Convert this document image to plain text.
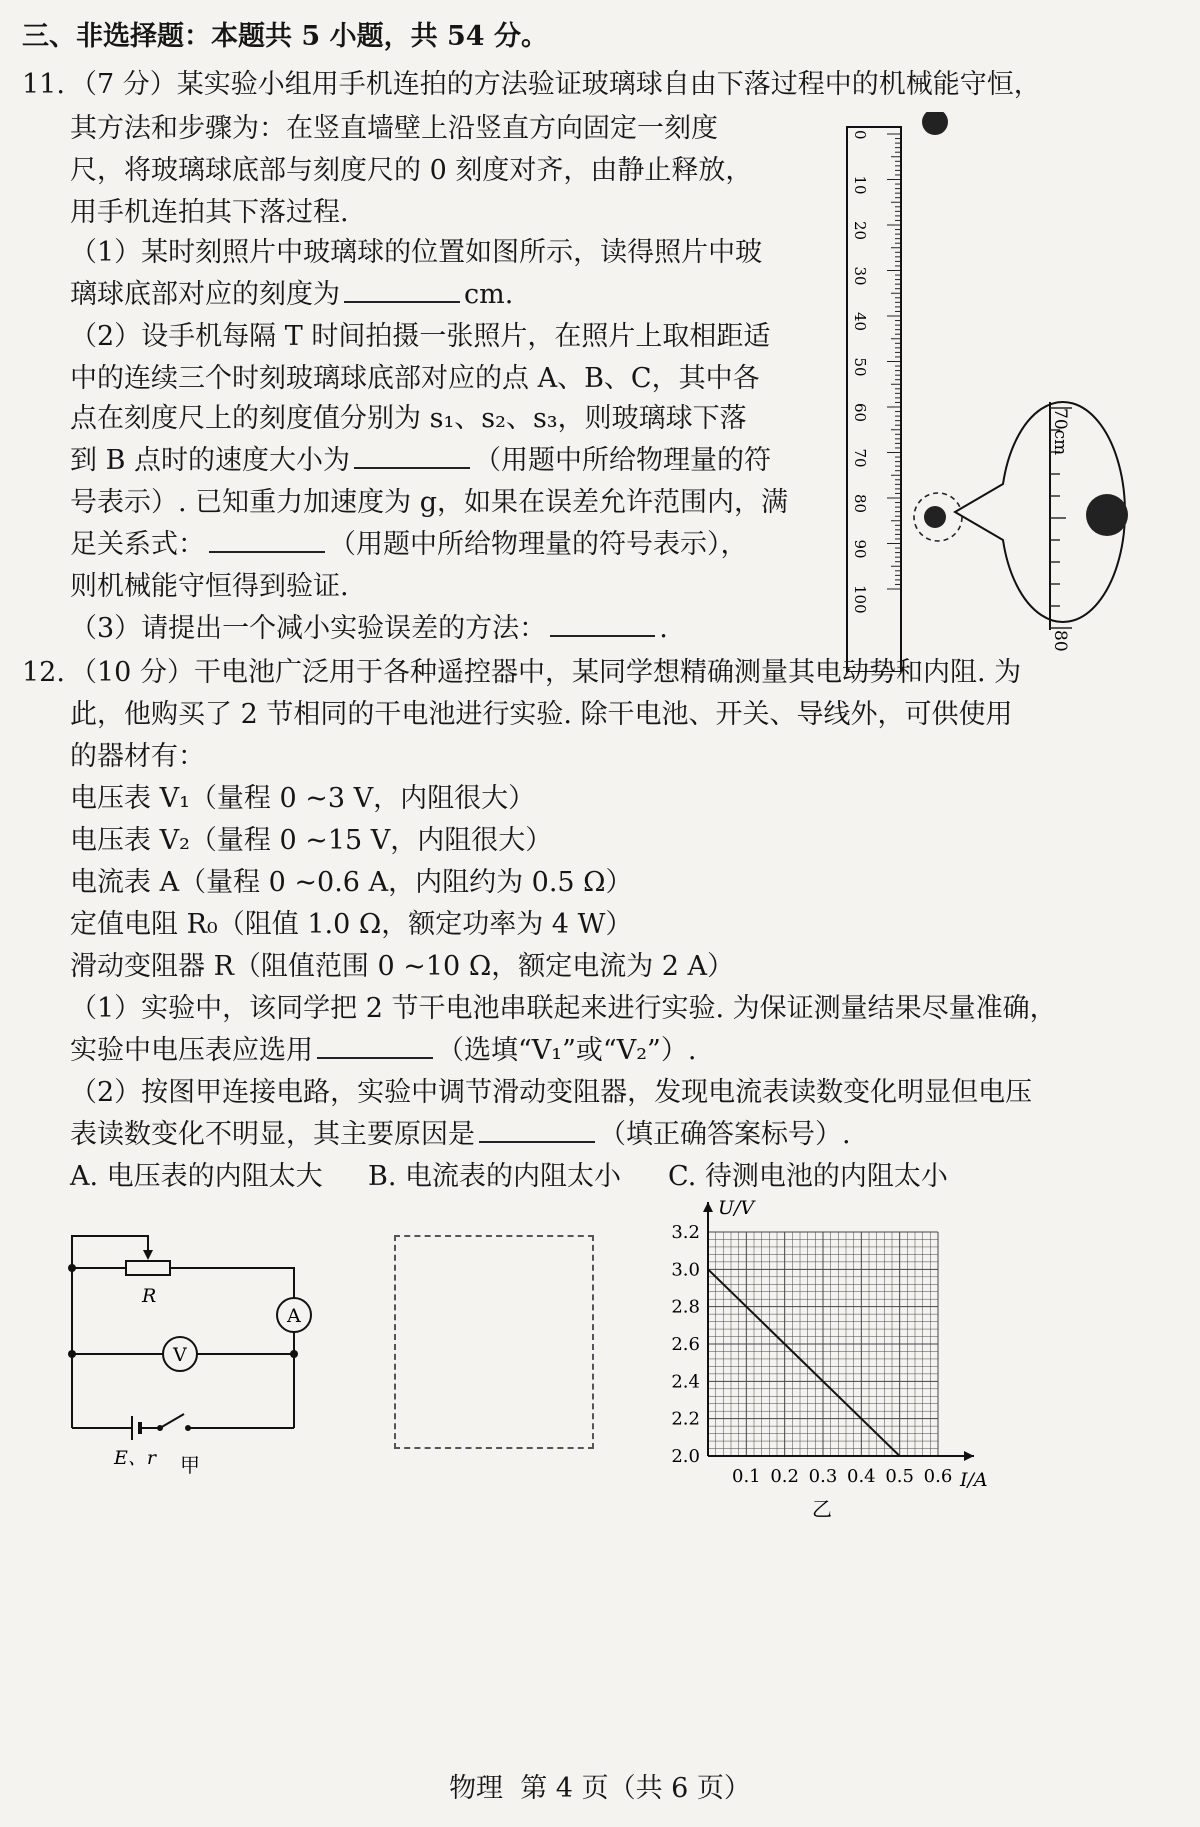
三、非选择题：本题共 5 小题，共 54 分。
11. （7 分）某实验小组用手机连拍的方法验证玻璃球自由下落过程中的机械能守恒，
其方法和步骤为：在竖直墙壁上沿竖直方向固定一刻度
尺，将玻璃球底部与刻度尺的 0 刻度对齐，由静止释放，
用手机连拍其下落过程.
（1）某时刻照片中玻璃球的位置如图所示，读得照片中玻
璃球底部对应的刻度为	cm.
（2）设手机每隔 T 时间拍摄一张照片，在照片上取相距适
中的连续三个时刻玻璃球底部对应的点 A、B、C，其中各
点在刻度尺上的刻度值分别为 s₁、s₂、s₃，则玻璃球下落
到 B 点时的速度大小为	（用题中所给物理量的符
号表示）. 已知重力加速度为 g，如果在误差允许范围内，满
足关系式：	（用题中所给物理量的符号表示），
则机械能守恒得到验证.
（3）请提出一个减小实验误差的方法：	.
0
10
20
30
40
50
60
70
80
90
100
70cm
80
12. （10 分）干电池广泛用于各种遥控器中，某同学想精确测量其电动势和内阻. 为
此，他购买了 2 节相同的干电池进行实验. 除干电池、开关、导线外，可供使用
的器材有：
电压表 V₁（量程 0 ~3 V，内阻很大）
电压表 V₂（量程 0 ~15 V，内阻很大）
电流表 A（量程 0 ~0.6 A，内阻约为 0.5 Ω）
定值电阻 R₀（阻值 1.0 Ω，额定功率为 4 W）
滑动变阻器 R（阻值范围 0 ~10 Ω，额定电流为 2 A）
（1）实验中，该同学把 2 节干电池串联起来进行实验. 为保证测量结果尽量准确，
实验中电压表应选用	（选填“V₁”或“V₂”）.
（2）按图甲连接电路，实验中调节滑动变阻器，发现电流表读数变化明显但电压
表读数变化不明显，其主要原因是	（填正确答案标号）.
A. 电压表的内阻太大 B. 电流表的内阻太小 C. 待测电池的内阻太小
R
A
V
E、r 甲	0.1 0.2 0.3 0.4 0.5 0.6
2.0
2.2
2.4
2.6
2.8
3.0
3.2
U/V
I/A
乙
物理  第 4 页（共 6 页）
